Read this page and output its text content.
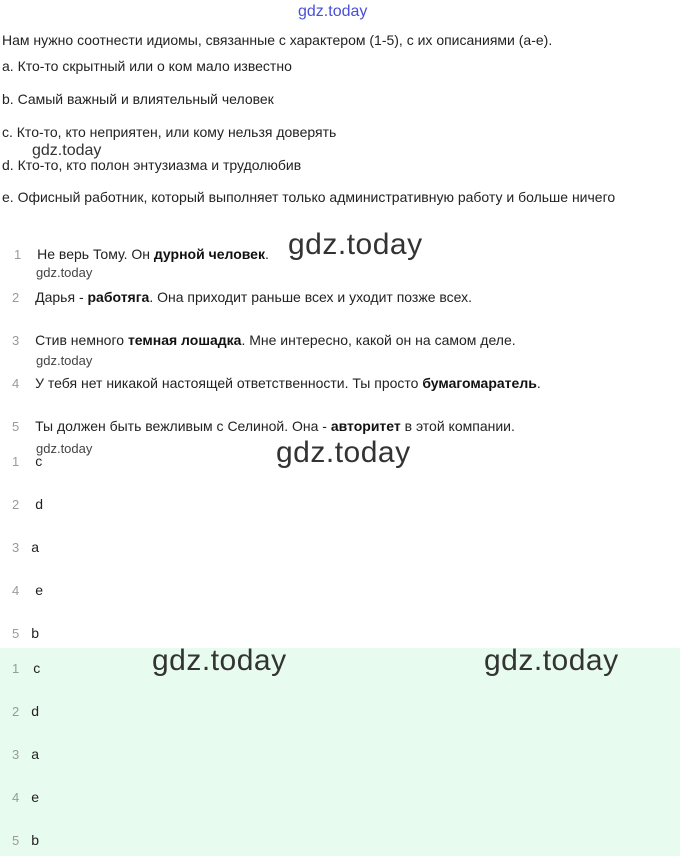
gdz.today
Нам нужно соотнести идиомы, связанные с характером (1-5), с их описаниями (a-e).
a. Кто-то скрытный или о ком мало известно
b. Самый важный и влиятельный человек
c. Кто-то, кто неприятен, или кому нельзя доверять
d. Кто-то, кто полон энтузиазма и трудолюбив
e. Офисный работник, который выполняет только административную работу и больше ничего
gdz.today
1 Не верь Тому. Он дурной человек.
2 Дарья - работяга. Она приходит раньше всех и уходит позже всех.
3 Стив немного темная лошадка. Мне интересно, какой он на самом деле.
4 У тебя нет никакой настоящей ответственности. Ты просто бумагомаратель.
5 Ты должен быть вежливым с Селиной. Она - авторитет в этой компании.
gdz.today
gdz.today
gdz.today
gdz.today	gdz.today
1 c
2 d
3 a
4 e
5 b
gdz.today	gdz.today
1 c
2 d
3 a
4 e
5 b
